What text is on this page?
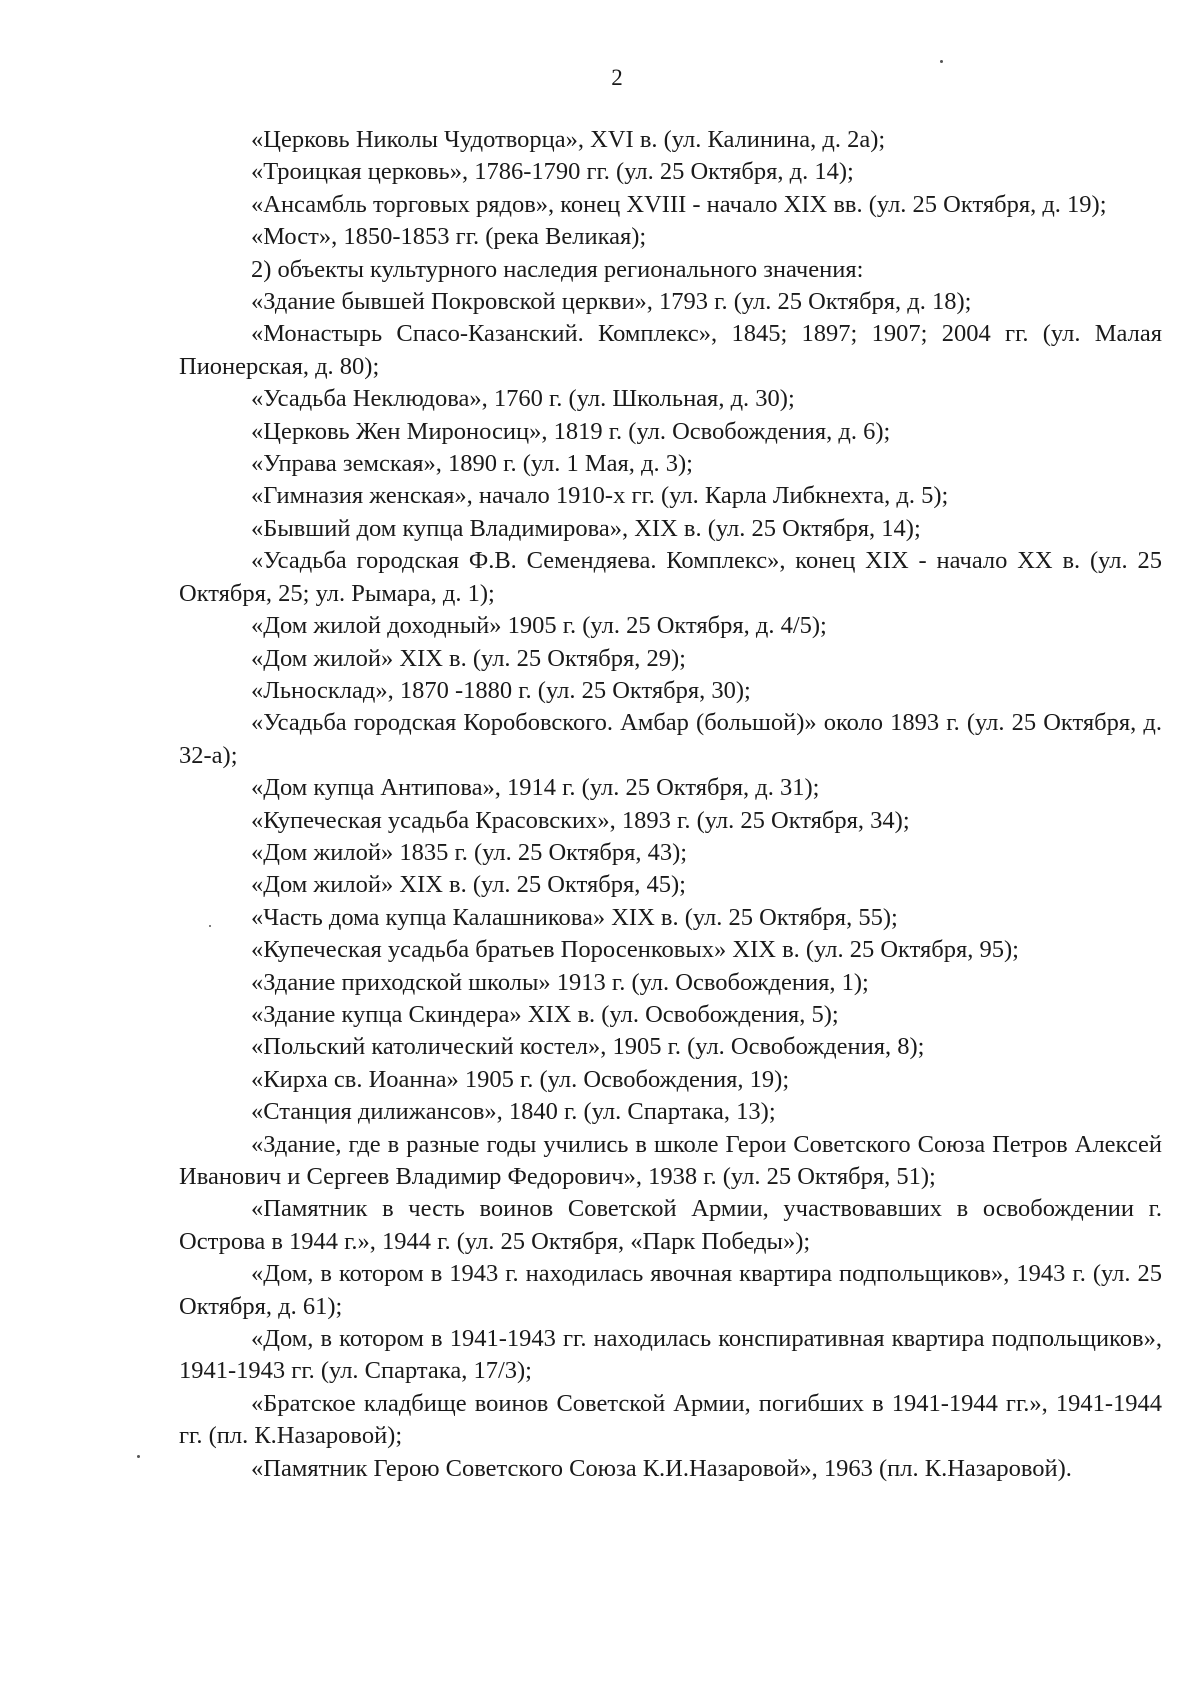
2

«Церковь Николы Чудотворца», XVI в. (ул. Калинина, д. 2а);

«Троицкая церковь», 1786-1790 гг. (ул. 25 Октября, д. 14);

«Ансамбль торговых рядов», конец XVIII - начало XIX вв. (ул. 25 Октября, д. 19);

«Мост», 1850-1853 гг. (река Великая);

2) объекты культурного наследия регионального значения:

«Здание бывшей Покровской церкви», 1793 г. (ул. 25 Октября, д. 18);

«Монастырь Спасо-Казанский. Комплекс», 1845; 1897; 1907; 2004 гг. (ул. Малая Пионерская, д. 80);

«Усадьба Неклюдова», 1760 г. (ул. Школьная, д. 30);

«Церковь Жен Мироносиц», 1819 г. (ул. Освобождения, д. 6);

«Управа земская», 1890 г. (ул. 1 Мая, д. 3);

«Гимназия женская», начало 1910-х гг. (ул. Карла Либкнехта, д. 5);

«Бывший дом купца Владимирова», XIX в. (ул. 25 Октября, 14);

«Усадьба городская Ф.В. Семендяева. Комплекс», конец XIX - начало XX в. (ул. 25 Октября, 25; ул. Рымара, д. 1);

«Дом жилой доходный» 1905 г. (ул. 25 Октября, д. 4/5);

«Дом жилой» XIX в. (ул. 25 Октября, 29);

«Льносклад», 1870 -1880 г. (ул. 25 Октября, 30);

«Усадьба городская Коробовского. Амбар (большой)» около 1893 г. (ул. 25 Октября, д. 32-а);

«Дом купца Антипова», 1914 г. (ул. 25 Октября, д. 31);

«Купеческая усадьба Красовских», 1893 г. (ул. 25 Октября, 34);

«Дом жилой» 1835 г. (ул. 25 Октября, 43);

«Дом жилой» XIX в. (ул. 25 Октября, 45);

«Часть дома купца Калашникова» XIX в. (ул. 25 Октября, 55);

«Купеческая усадьба братьев Поросенковых» XIX в. (ул. 25 Октября, 95);

«Здание приходской школы» 1913 г. (ул. Освобождения, 1);

«Здание купца Скиндера» XIX в. (ул. Освобождения, 5);

«Польский католический костел», 1905 г. (ул. Освобождения, 8);

«Кирха св. Иоанна» 1905 г. (ул. Освобождения, 19);

«Станция дилижансов», 1840 г. (ул. Спартака, 13);

«Здание, где в разные годы учились в школе Герои Советского Союза Петров Алексей Иванович и Сергеев Владимир Федорович», 1938 г. (ул. 25 Октября, 51);

«Памятник в честь воинов Советской Армии, участвовавших в освобождении г. Острова в 1944 г.», 1944 г. (ул. 25 Октября, «Парк Победы»);

«Дом, в котором в 1943 г. находилась явочная квартира подпольщиков», 1943 г. (ул. 25 Октября, д. 61);

«Дом, в котором в 1941-1943 гг. находилась конспиративная квартира подпольщиков», 1941-1943 гг. (ул. Спартака, 17/3);

«Братское кладбище воинов Советской Армии, погибших в 1941-1944 гг.», 1941-1944 гг. (пл. К.Назаровой);

«Памятник Герою Советского Союза К.И.Назаровой», 1963 (пл. К.Назаровой).
